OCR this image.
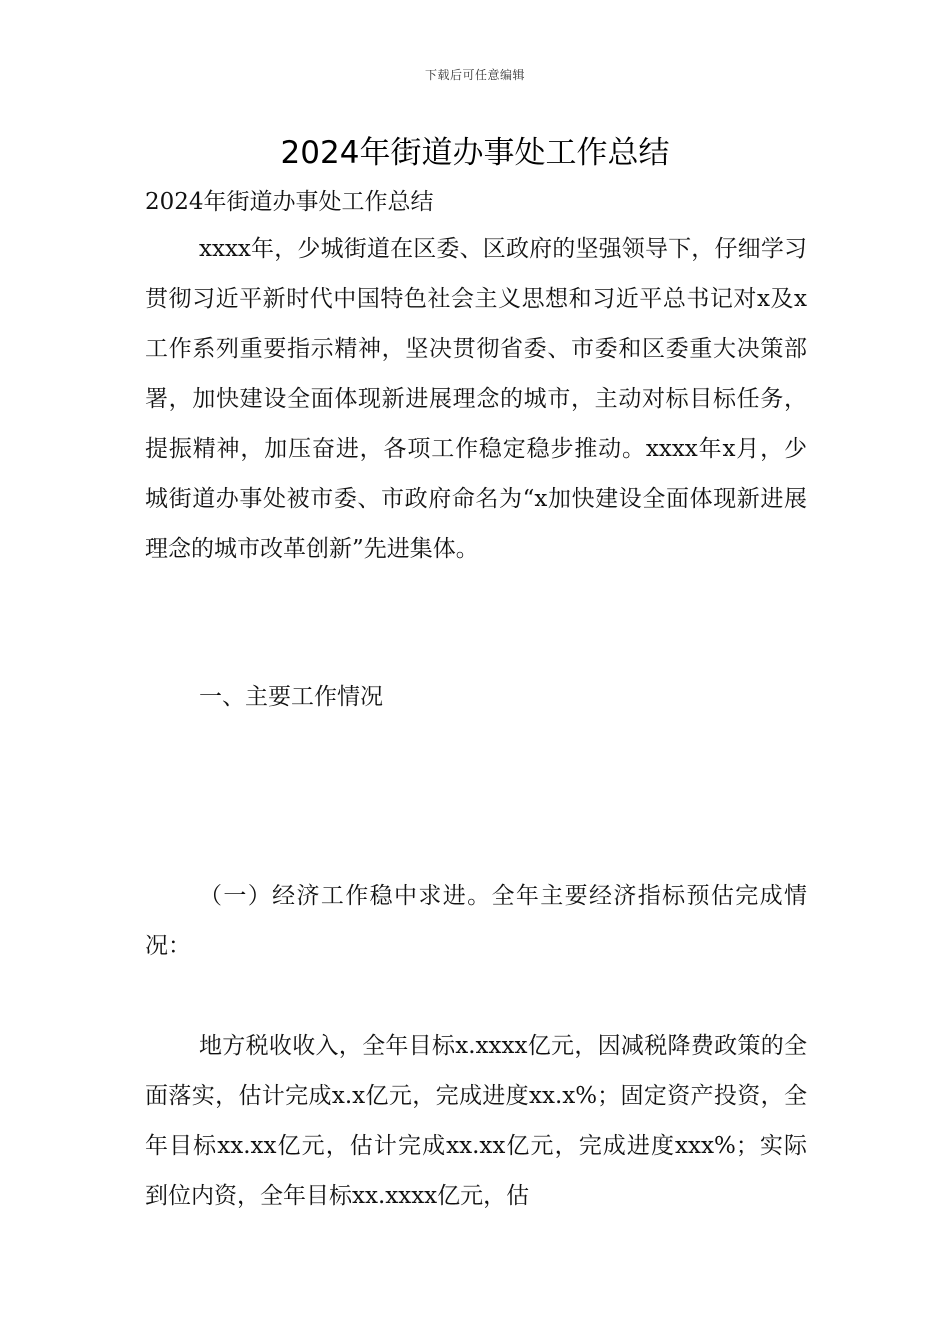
下载后可任意编辑
2024年街道办事处工作总结

2024年街道办事处工作总结

xxxx年，少城街道在区委、区政府的坚强领导下，仔细学习贯彻习近平新时代中国特色社会主义思想和习近平总书记对x及x工作系列重要指示精神，坚决贯彻省委、市委和区委重大决策部署，加快建设全面体现新进展理念的城市，主动对标目标任务，提振精神，加压奋进，各项工作稳定稳步推动。xxxx年x月，少城街道办事处被市委、市政府命名为“x加快建设全面体现新进展理念的城市改革创新”先进集体。

一、主要工作情况

（一）经济工作稳中求进。全年主要经济指标预估完成情况：

地方税收收入，全年目标x.xxxx亿元，因减税降费政策的全面落实，估计完成x.x亿元，完成进度xx.x%；固定资产投资，全年目标xx.xx亿元，估计完成xx.xx亿元，完成进度xxx%；实际到位内资，全年目标xx.xxxx亿元，估
